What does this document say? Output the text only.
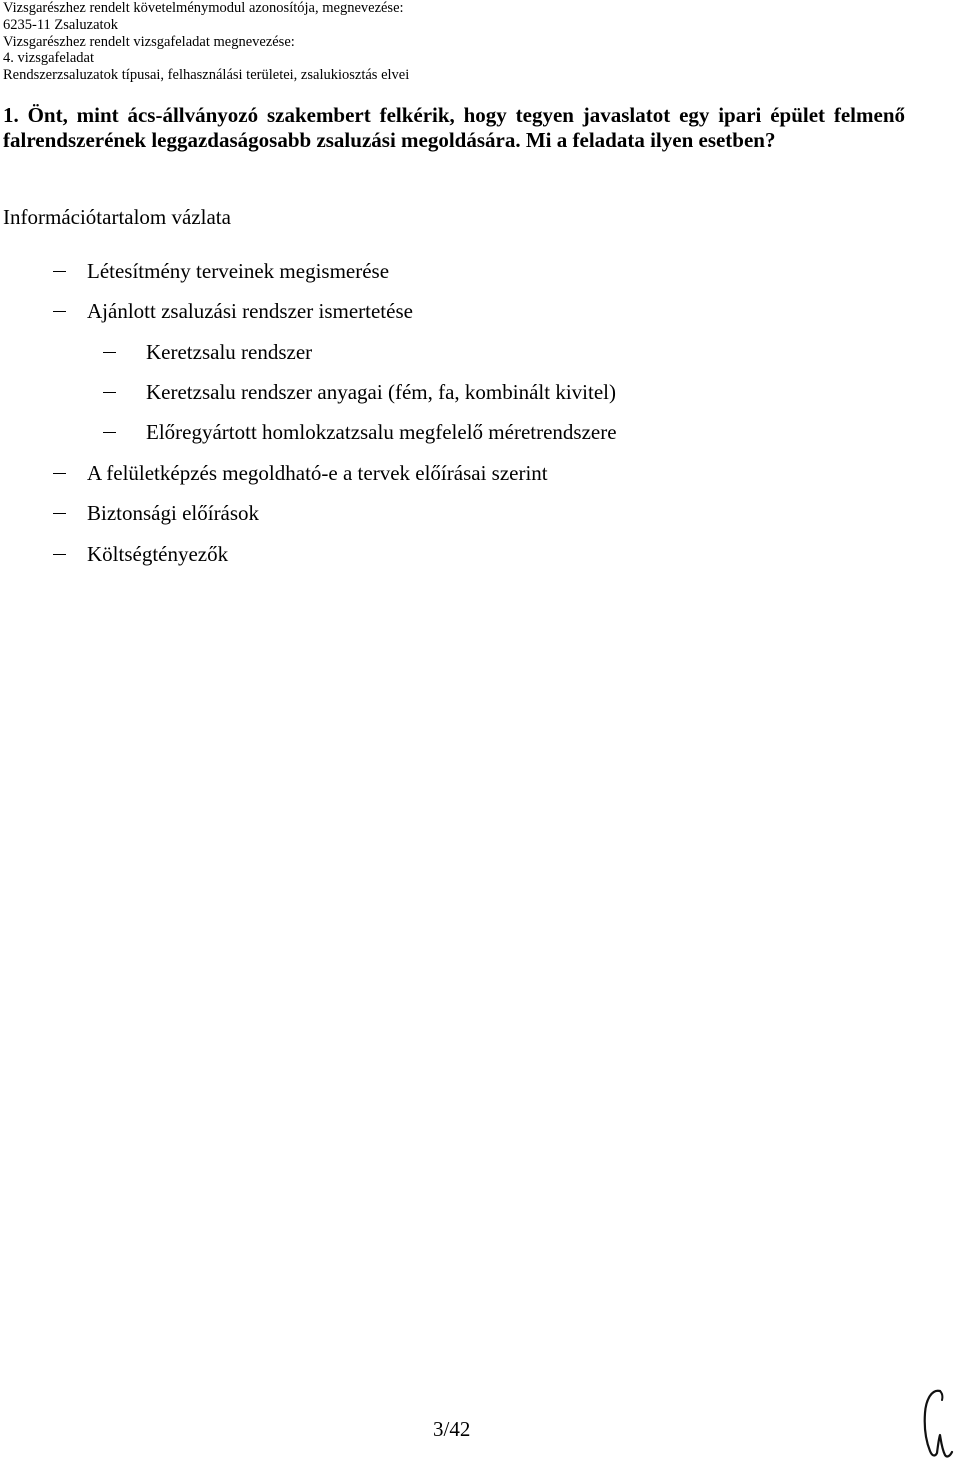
Vizsgarészhez rendelt követelménymodul azonosítója, megnevezése:
6235-11 Zsaluzatok
Vizsgarészhez rendelt vizsgafeladat megnevezése:
4. vizsgafeladat
Rendszerzsaluzatok típusai, felhasználási területei, zsalukiosztás elvei
1. Önt, mint ács-állványozó szakembert felkérik, hogy tegyen javaslatot egy ipari épület felmenő falrendszerének leggazdaságosabb zsaluzási megoldására. Mi a feladata ilyen esetben?
Információtartalom vázlata
Létesítmény terveinek megismerése
Ajánlott zsaluzási rendszer ismertetése
Keretzsalu rendszer
Keretzsalu rendszer anyagai (fém, fa, kombinált kivitel)
Előregyártott homlokzatzsalu megfelelő méretrendszere
A felületképzés megoldható-e a tervek előírásai szerint
Biztonsági előírások
Költségtényezők
3/42
